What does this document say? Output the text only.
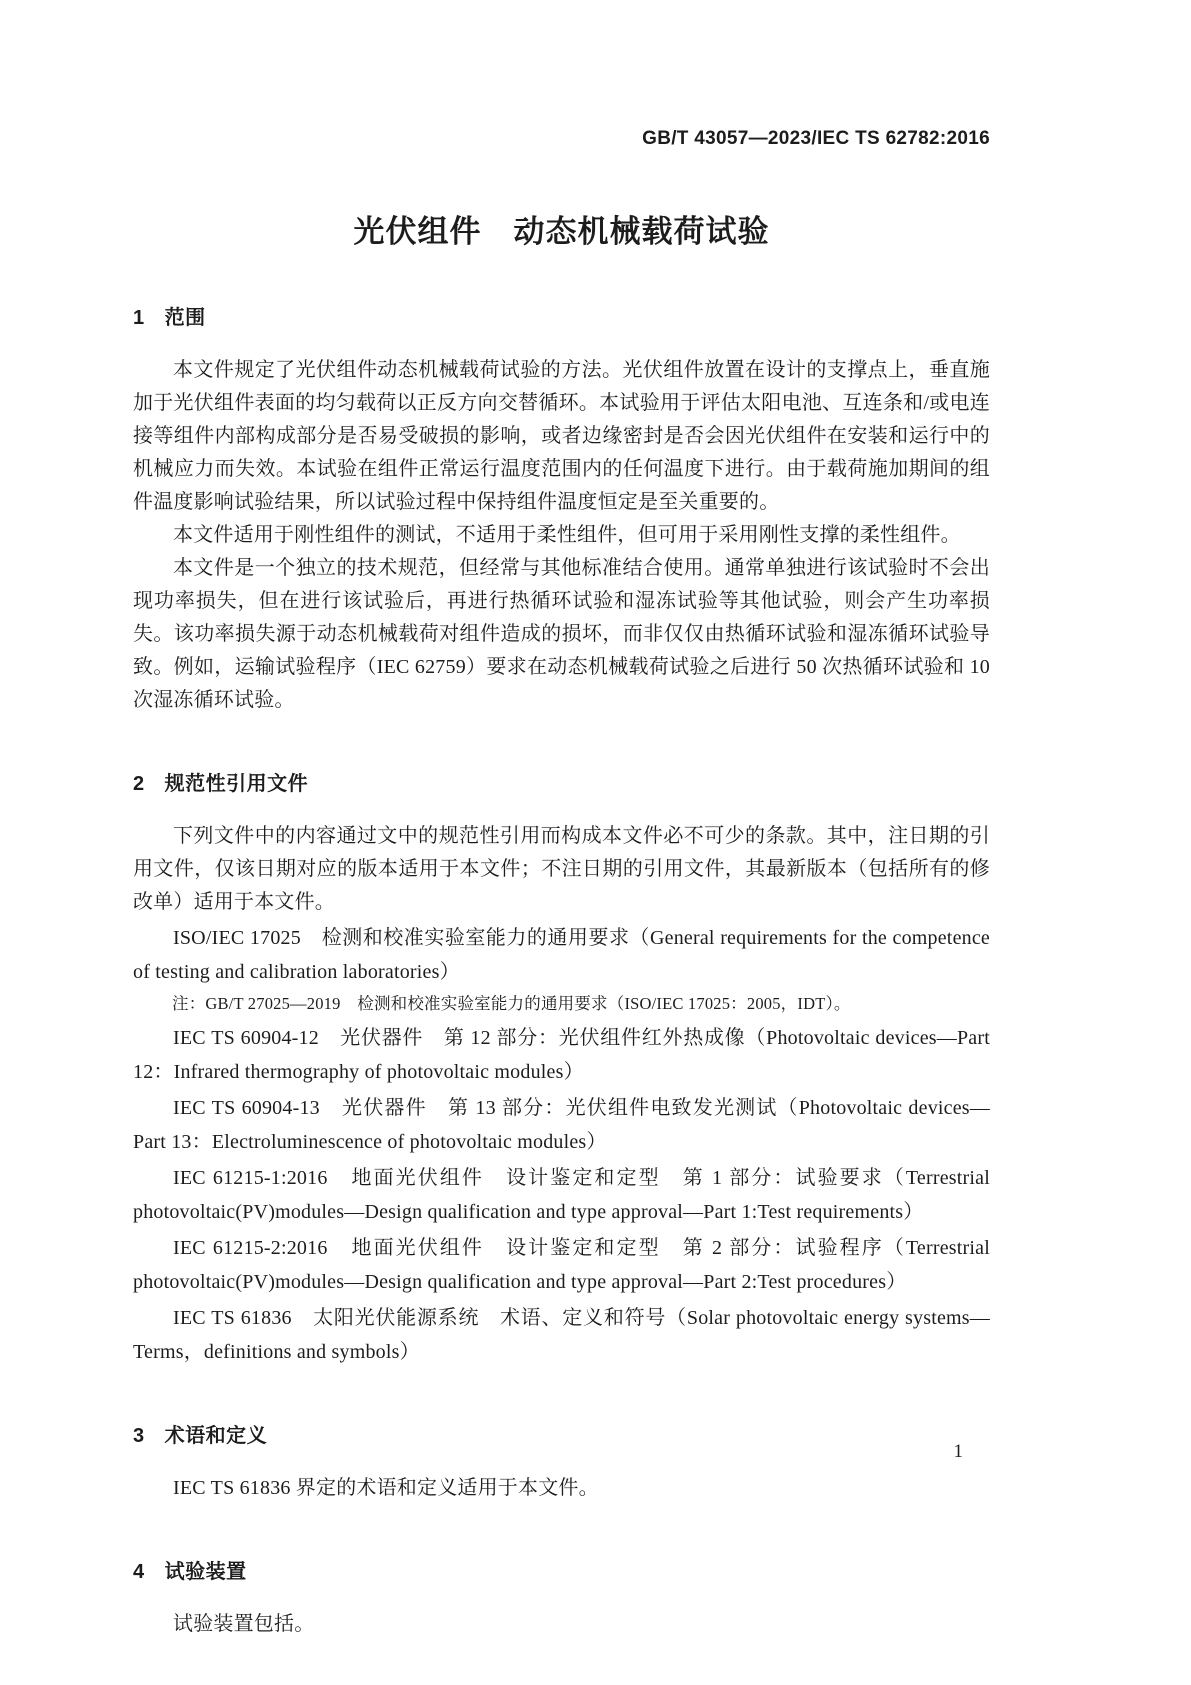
GB/T 43057—2023/IEC TS 62782:2016
光伏组件　动态机械载荷试验
1 范围

本文件规定了光伏组件动态机械载荷试验的方法。光伏组件放置在设计的支撑点上，垂直施加于光伏组件表面的均匀载荷以正反方向交替循环。本试验用于评估太阳电池、互连条和/或电连接等组件内部构成部分是否易受破损的影响，或者边缘密封是否会因光伏组件在安装和运行中的机械应力而失效。本试验在组件正常运行温度范围内的任何温度下进行。由于载荷施加期间的组件温度影响试验结果，所以试验过程中保持组件温度恒定是至关重要的。

本文件适用于刚性组件的测试，不适用于柔性组件，但可用于采用刚性支撑的柔性组件。

本文件是一个独立的技术规范，但经常与其他标准结合使用。通常单独进行该试验时不会出现功率损失，但在进行该试验后，再进行热循环试验和湿冻试验等其他试验，则会产生功率损失。该功率损失源于动态机械载荷对组件造成的损坏，而非仅仅由热循环试验和湿冻循环试验导致。例如，运输试验程序（IEC 62759）要求在动态机械载荷试验之后进行 50 次热循环试验和 10 次湿冻循环试验。

2 规范性引用文件

下列文件中的内容通过文中的规范性引用而构成本文件必不可少的条款。其中，注日期的引用文件，仅该日期对应的版本适用于本文件；不注日期的引用文件，其最新版本（包括所有的修改单）适用于本文件。

ISO/IEC 17025　检测和校准实验室能力的通用要求（General requirements for the competence of testing and calibration laboratories）

注：GB/T 27025—2019　检测和校准实验室能力的通用要求（ISO/IEC 17025：2005，IDT）。

IEC TS 60904-12　光伏器件　第 12 部分：光伏组件红外热成像（Photovoltaic devices—Part 12：Infrared thermography of photovoltaic modules）

IEC TS 60904-13　光伏器件　第 13 部分：光伏组件电致发光测试（Photovoltaic devices—Part 13：Electroluminescence of photovoltaic modules）

IEC 61215-1:2016　地面光伏组件　设计鉴定和定型　第 1 部分：试验要求（Terrestrial photovoltaic(PV)modules—Design qualification and type approval—Part 1:Test requirements）

IEC 61215-2:2016　地面光伏组件　设计鉴定和定型　第 2 部分：试验程序（Terrestrial photovoltaic(PV)modules—Design qualification and type approval—Part 2:Test procedures）

IEC TS 61836　太阳光伏能源系统　术语、定义和符号（Solar photovoltaic energy systems—Terms，definitions and symbols）

3 术语和定义

IEC TS 61836 界定的术语和定义适用于本文件。

4 试验装置

试验装置包括。

1
